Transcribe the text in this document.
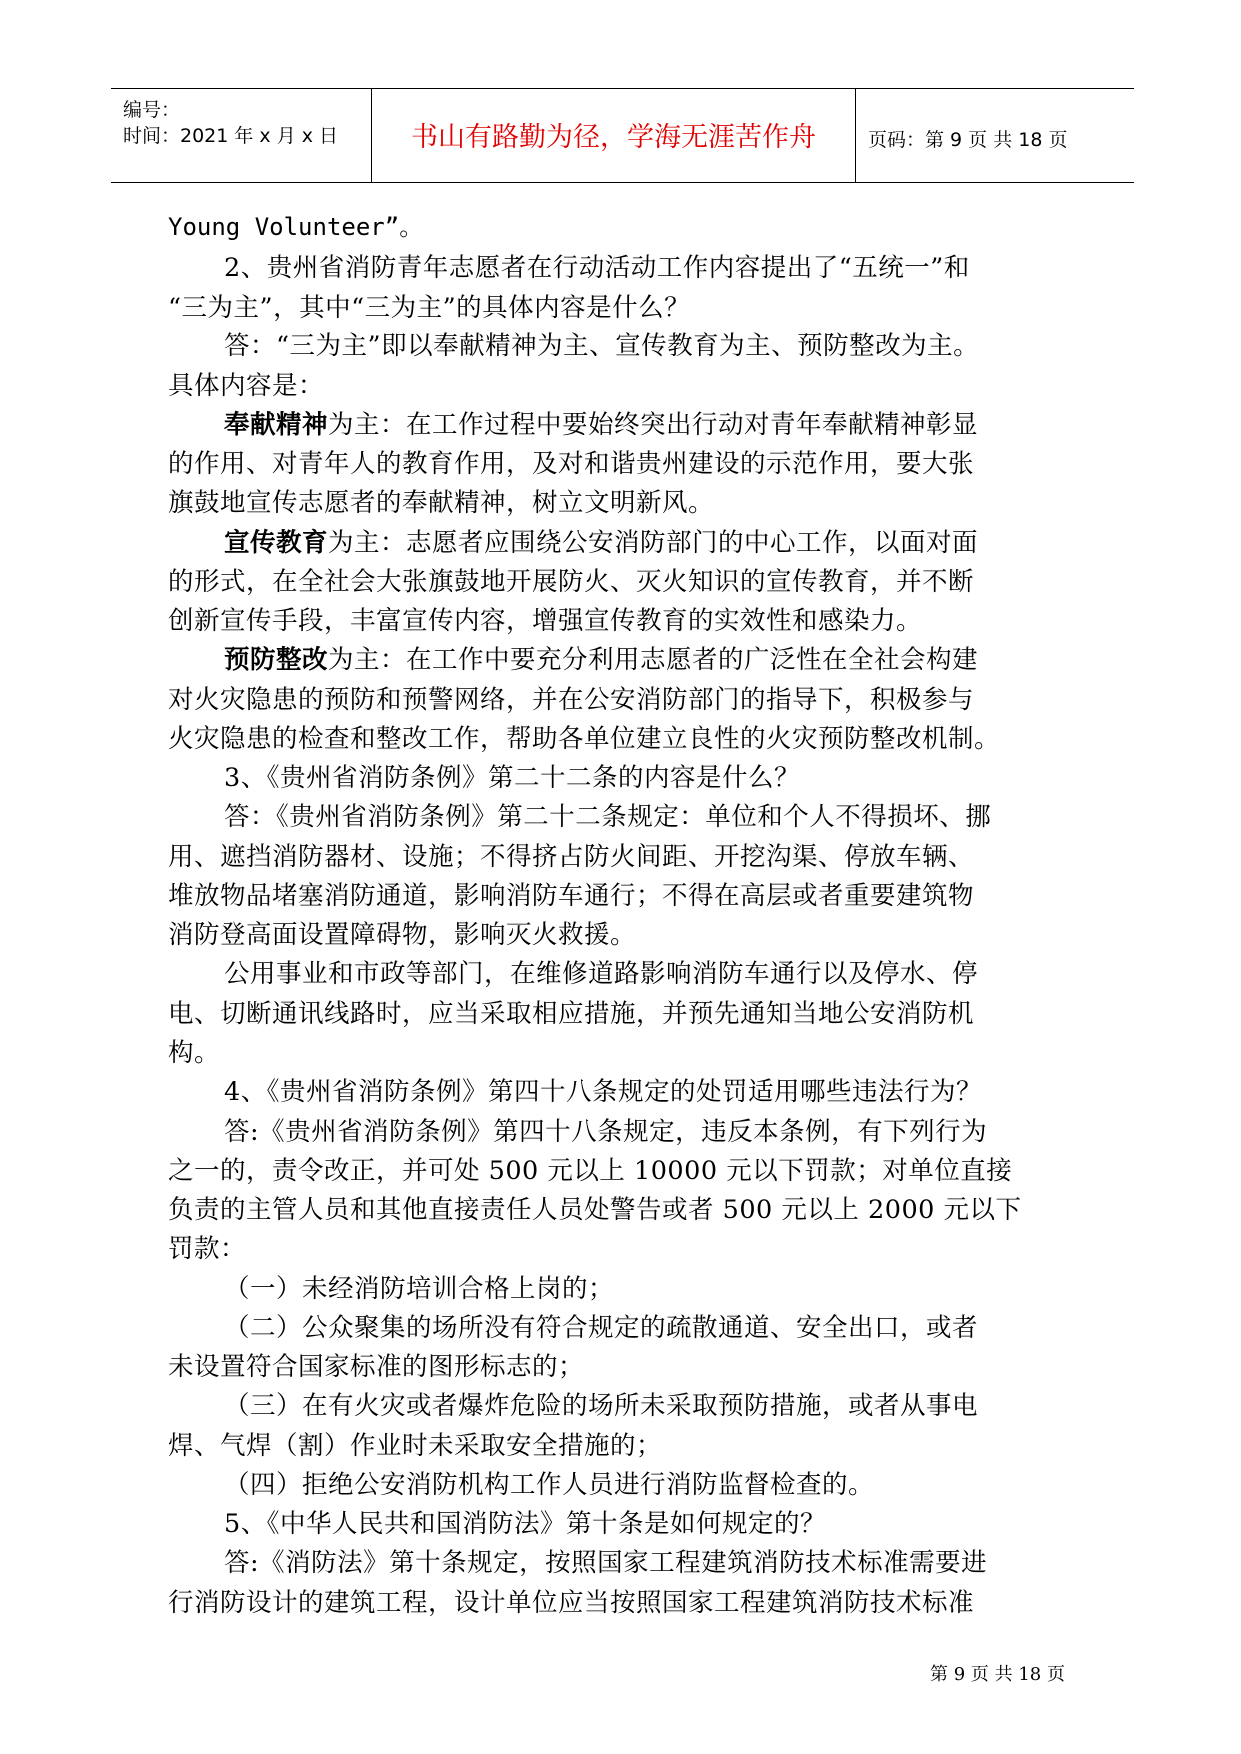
编号：
时间：2021 年 x 月 x 日	书山有路勤为径，学海无涯苦作舟	页码：第 9 页 共 18 页
Young Volunteer”。
2、贵州省消防青年志愿者在行动活动工作内容提出了“五统一”和
“三为主”，其中“三为主”的具体内容是什么？
答：“三为主”即以奉献精神为主、宣传教育为主、预防整改为主。
具体内容是：
奉献精神为主：在工作过程中要始终突出行动对青年奉献精神彰显
的作用、对青年人的教育作用，及对和谐贵州建设的示范作用，要大张
旗鼓地宣传志愿者的奉献精神，树立文明新风。
宣传教育为主：志愿者应围绕公安消防部门的中心工作，以面对面
的形式，在全社会大张旗鼓地开展防火、灭火知识的宣传教育，并不断
创新宣传手段，丰富宣传内容，增强宣传教育的实效性和感染力。
预防整改为主：在工作中要充分利用志愿者的广泛性在全社会构建
对火灾隐患的预防和预警网络，并在公安消防部门的指导下，积极参与
火灾隐患的检查和整改工作，帮助各单位建立良性的火灾预防整改机制。
3、《贵州省消防条例》第二十二条的内容是什么？
答：《贵州省消防条例》第二十二条规定：单位和个人不得损坏、挪
用、遮挡消防器材、设施；不得挤占防火间距、开挖沟渠、停放车辆、
堆放物品堵塞消防通道，影响消防车通行；不得在高层或者重要建筑物
消防登高面设置障碍物，影响灭火救援。
公用事业和市政等部门，在维修道路影响消防车通行以及停水、停
电、切断通讯线路时，应当采取相应措施，并预先通知当地公安消防机
构。
4、《贵州省消防条例》第四十八条规定的处罚适用哪些违法行为？
答:《贵州省消防条例》第四十八条规定，违反本条例，有下列行为
之一的，责令改正，并可处 500 元以上 10000 元以下罚款；对单位直接
负责的主管人员和其他直接责任人员处警告或者 500 元以上 2000 元以下
罚款：
（一）未经消防培训合格上岗的；
（二）公众聚集的场所没有符合规定的疏散通道、安全出口，或者
未设置符合国家标准的图形标志的；
（三）在有火灾或者爆炸危险的场所未采取预防措施，或者从事电
焊、气焊（割）作业时未采取安全措施的；
（四）拒绝公安消防机构工作人员进行消防监督检查的。
5、《中华人民共和国消防法》第十条是如何规定的？
答:《消防法》第十条规定，按照国家工程建筑消防技术标准需要进
行消防设计的建筑工程，设计单位应当按照国家工程建筑消防技术标准
第 9 页 共 18 页
